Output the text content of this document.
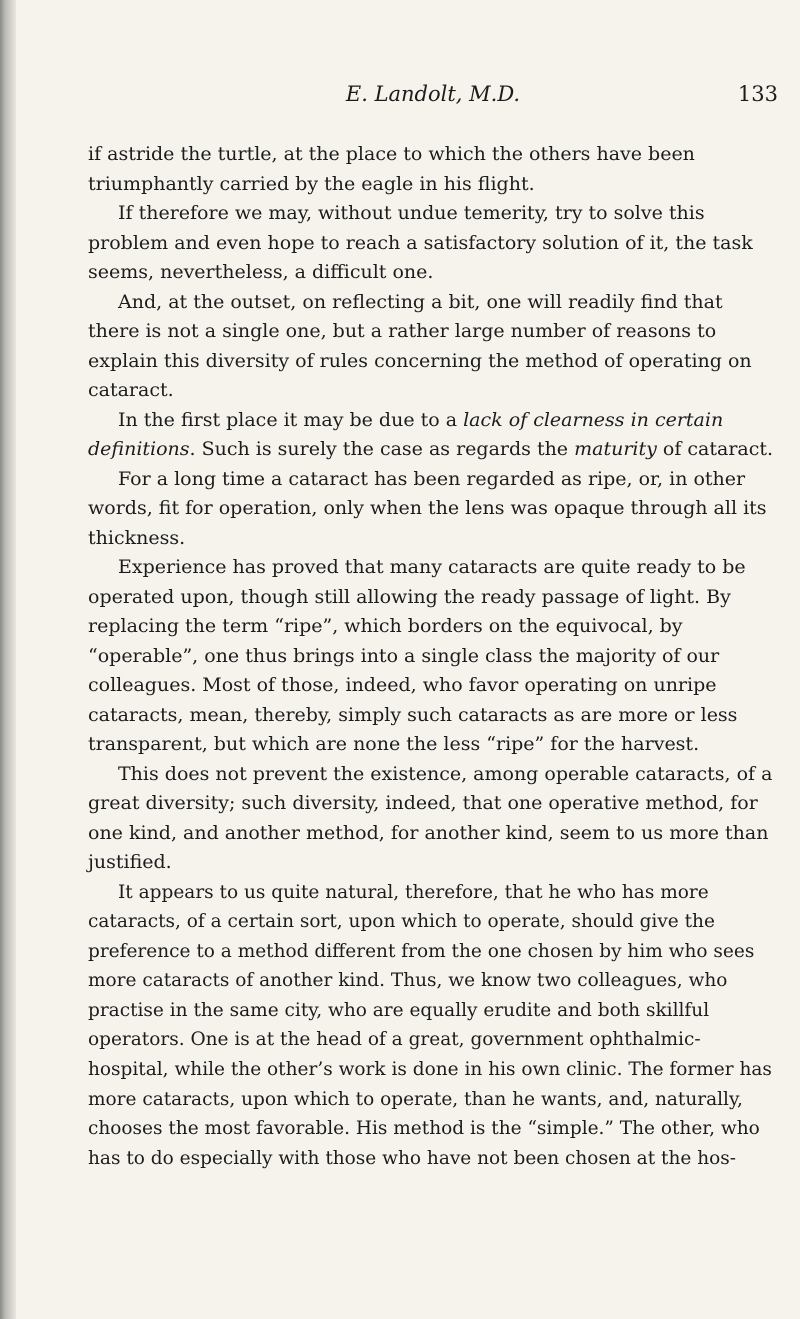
E. Landolt, M.D.	133

if astride the turtle, at the place to which the others have been triumphantly carried by the eagle in his flight.

If therefore we may, without undue temerity, try to solve this problem and even hope to reach a satisfactory solution of it, the task seems, nevertheless, a difficult one.

And, at the outset, on reflecting a bit, one will readily find that there is not a single one, but a rather large number of reasons to explain this diversity of rules concerning the method of operating on cataract.

In the first place it may be due to a lack of clearness in certain definitions. Such is surely the case as regards the maturity of cataract.

For a long time a cataract has been regarded as ripe, or, in other words, fit for operation, only when the lens was opaque through all its thickness.

Experience has proved that many cataracts are quite ready to be operated upon, though still allowing the ready passage of light. By replacing the term “ripe”, which borders on the equivocal, by “operable”, one thus brings into a single class the majority of our colleagues. Most of those, indeed, who favor operating on unripe cataracts, mean, thereby, simply such cataracts as are more or less transparent, but which are none the less “ripe” for the harvest.

This does not prevent the existence, among operable cataracts, of a great diversity; such diversity, indeed, that one operative method, for one kind, and another method, for another kind, seem to us more than justified.

It appears to us quite natural, therefore, that he who has more cataracts, of a certain sort, upon which to operate, should give the preference to a method different from the one chosen by him who sees more cataracts of another kind. Thus, we know two colleagues, who practise in the same city, who are equally erudite and both skillful operators. One is at the head of a great, government ophthalmic-hospital, while the other’s work is done in his own clinic. The former has more cataracts, upon which to operate, than he wants, and, naturally, chooses the most favorable. His method is the “simple.” The other, who has to do especially with those who have not been chosen at the hos-
